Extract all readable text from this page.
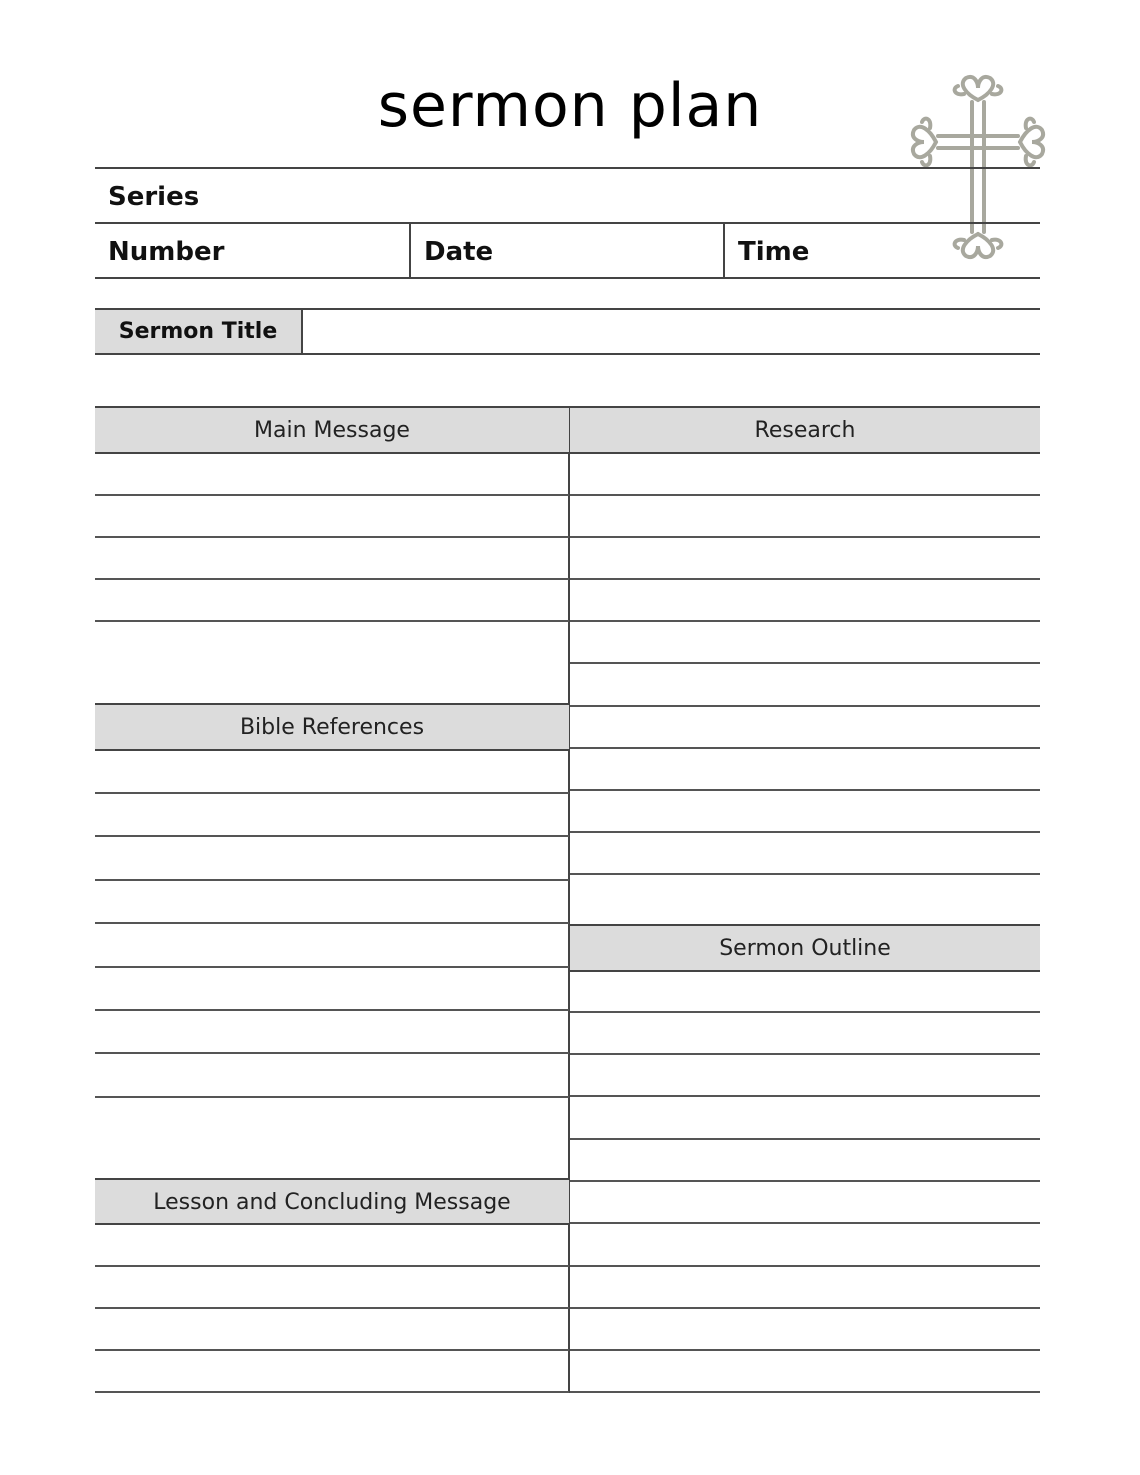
sermon plan
Series
Number	Date	Time
Sermon Title
Main Message	Research
Bible References
Sermon Outline
Lesson and Concluding Message
